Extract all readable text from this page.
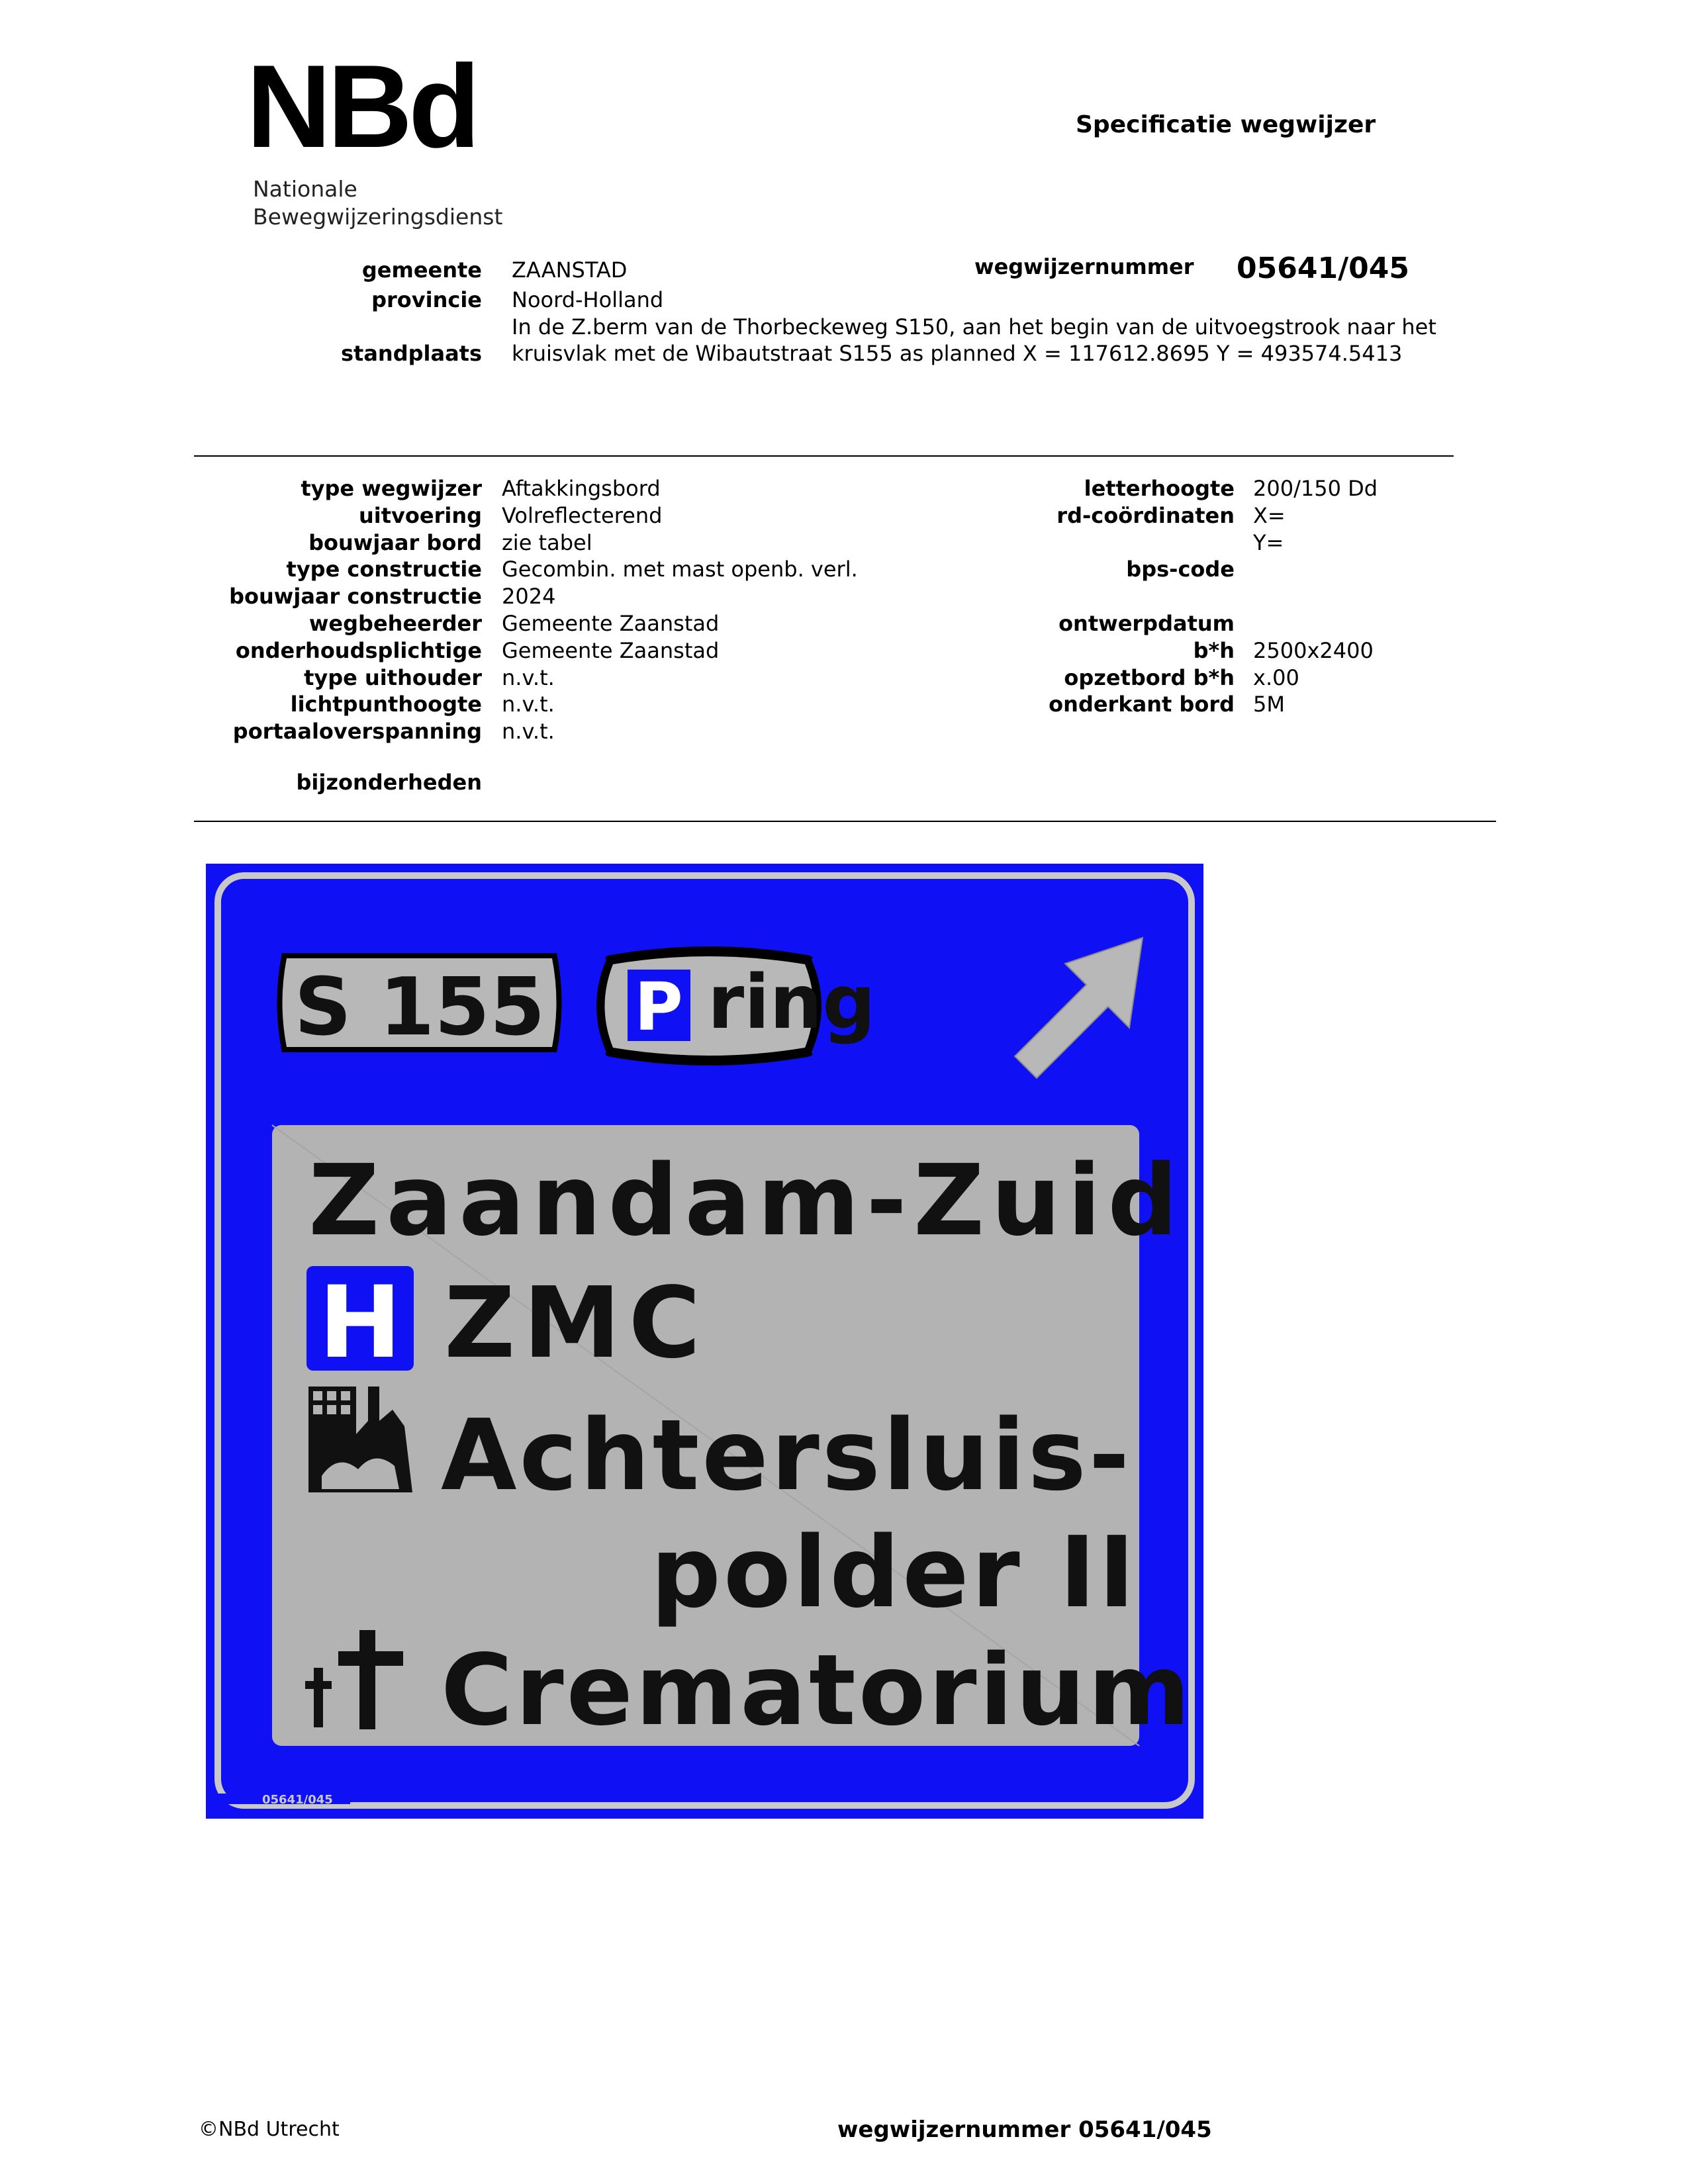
NBd
Nationale
Bewegwijzeringsdienst
Specificatie wegwijzer
gemeente ZAANSTAD
provincie Noord-Holland
standplaats
In de Z.berm van de Thorbeckeweg S150, aan het begin van de uitvoegstrook naar het kruisvlak met de Wibautstraat S155 as planned X = 117612.8695 Y = 493574.5413
wegwijzernummer 05641/045
type wegwijzer
uitvoering
bouwjaar bord
type constructie
bouwjaar constructie
wegbeheerder
onderhoudsplichtige
type uithouder
lichtpunthoogte
portaaloverspanning
Aftakkingsbord
Volreflecterend
zie tabel
Gecombin. met mast openb. verl.
2024
Gemeente Zaanstad
Gemeente Zaanstad
n.v.t.
n.v.t.
n.v.t.
bijzonderheden
letterhoogte
rd-coördinaten
bps-code
ontwerpdatum
b*h
opzetbord b*h
onderkant bord
200/150 Dd
X=
Y=
2500x2400
x.00
5M
S 155 P ring
Zaandam-Zuid
H ZMC
Achtersluis-
polder II
Crematorium
05641/045
©NBd Utrecht	wegwijzernummer 05641/045
